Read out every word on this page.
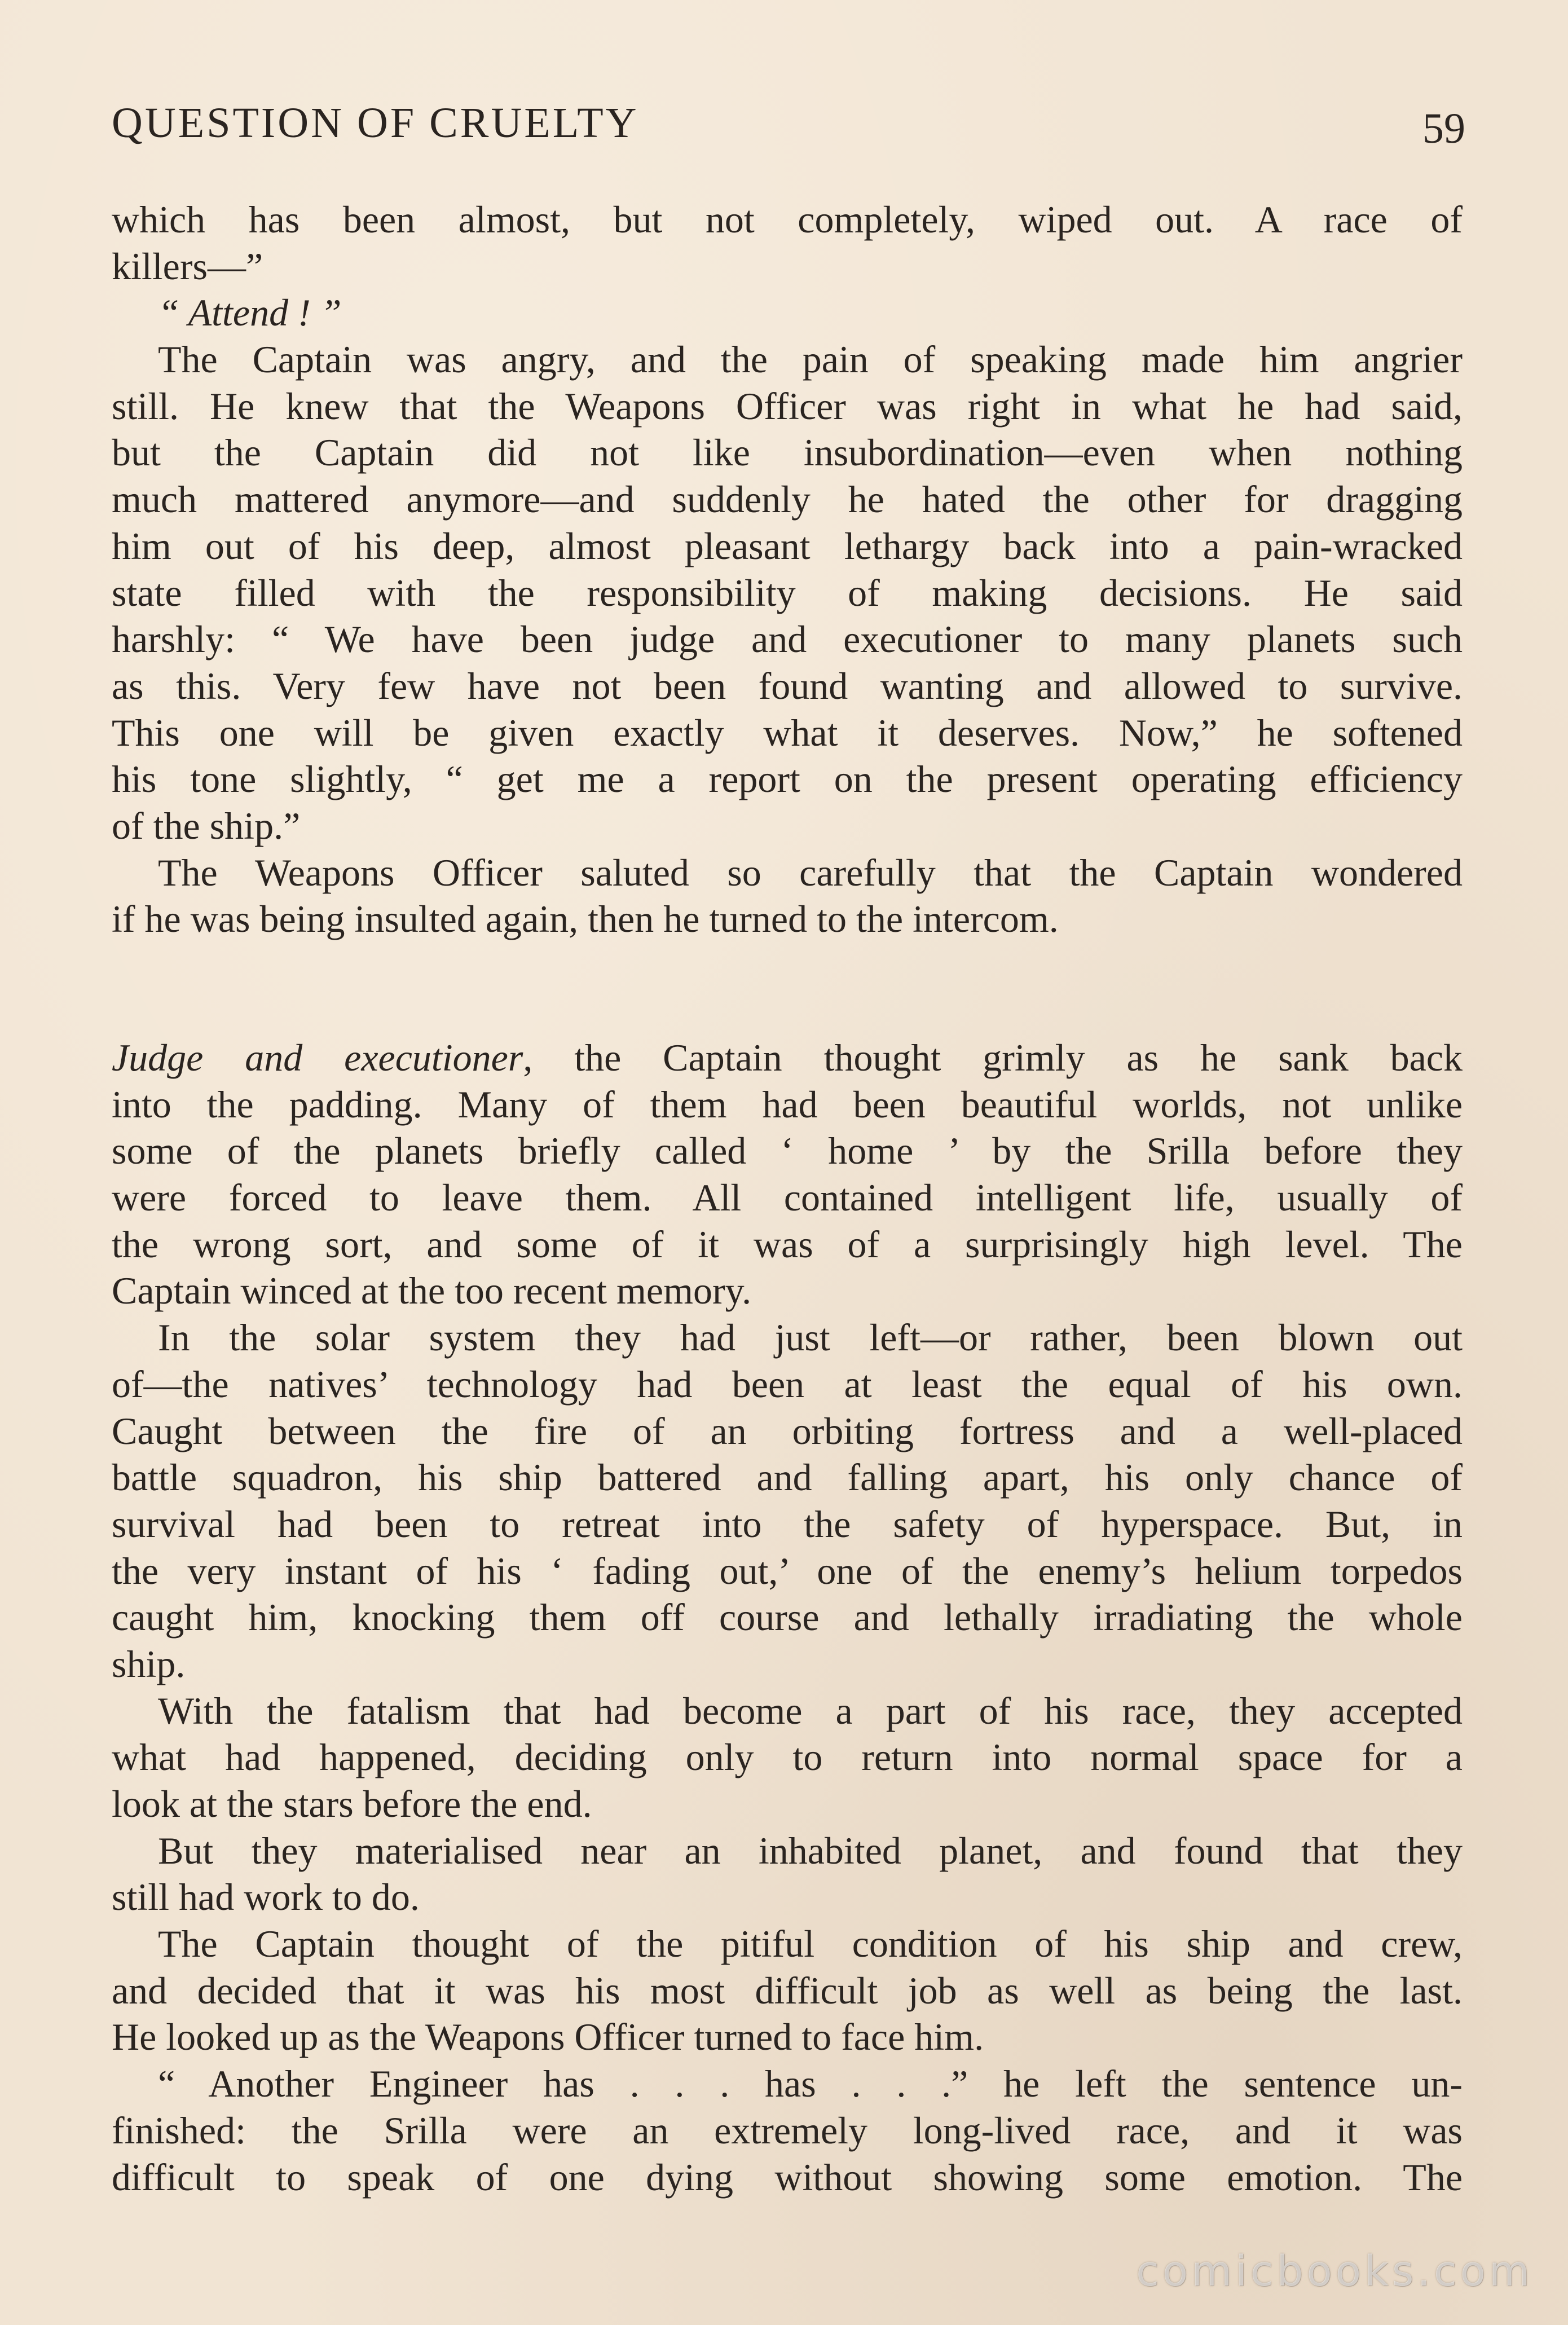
QUESTION OF CRUELTY	59
which has been almost, but not completely, wiped out. A race of
killers—”
“ Attend ! ”
The Captain was angry, and the pain of speaking made him angrier
still. He knew that the Weapons Officer was right in what he had said,
but the Captain did not like insubordination—even when nothing
much mattered anymore—and suddenly he hated the other for dragging
him out of his deep, almost pleasant lethargy back into a pain-wracked
state filled with the responsibility of making decisions. He said
harshly: “ We have been judge and executioner to many planets such
as this. Very few have not been found wanting and allowed to survive.
This one will be given exactly what it deserves. Now,” he softened
his tone slightly, “ get me a report on the present operating efficiency
of the ship.”
The Weapons Officer saluted so carefully that the Captain wondered
if he was being insulted again, then he turned to the intercom.
Judge and executioner, the Captain thought grimly as he sank back
into the padding. Many of them had been beautiful worlds, not unlike
some of the planets briefly called ‘ home ’ by the Srilla before they
were forced to leave them. All contained intelligent life, usually of
the wrong sort, and some of it was of a surprisingly high level. The
Captain winced at the too recent memory.
In the solar system they had just left—or rather, been blown out
of—the natives’ technology had been at least the equal of his own.
Caught between the fire of an orbiting fortress and a well-placed
battle squadron, his ship battered and falling apart, his only chance of
survival had been to retreat into the safety of hyperspace. But, in
the very instant of his ‘ fading out,’ one of the enemy’s helium torpedos
caught him, knocking them off course and lethally irradiating the whole
ship.
With the fatalism that had become a part of his race, they accepted
what had happened, deciding only to return into normal space for a
look at the stars before the end.
But they materialised near an inhabited planet, and found that they
still had work to do.
The Captain thought of the pitiful condition of his ship and crew,
and decided that it was his most difficult job as well as being the last.
He looked up as the Weapons Officer turned to face him.
“ Another Engineer has . . . has . . .” he left the sentence un-
finished: the Srilla were an extremely long-lived race, and it was
difficult to speak of one dying without showing some emotion. The
comicbooks.com
